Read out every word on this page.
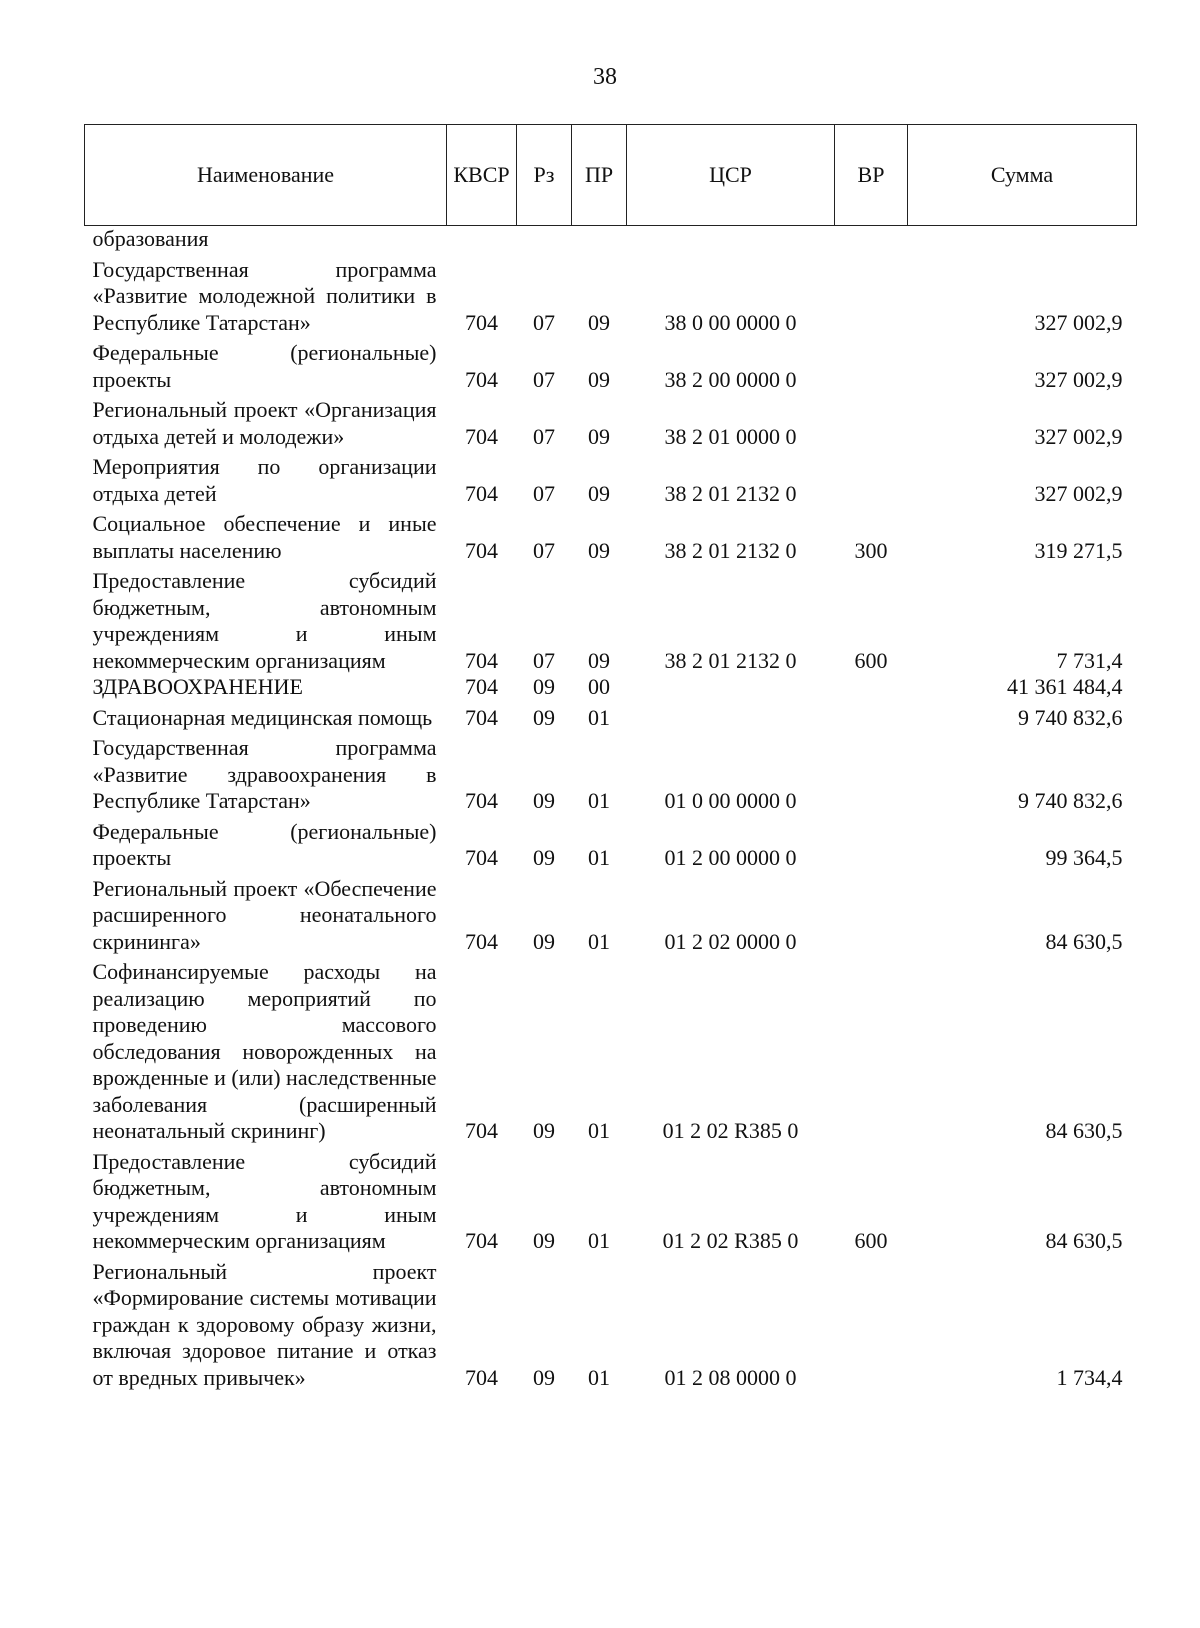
38
Наименование	КВСР	Рз	ПР	ЦСР	ВР	Сумма
образования						
Государственная программа «Развитие молодежной политики в Республике Татарстан»	704	07	09	38 0 00 0000 0		327 002,9
Федеральные (региональные) проекты	704	07	09	38 2 00 0000 0		327 002,9
Региональный проект «Организация отдыха детей и молодежи»	704	07	09	38 2 01 0000 0		327 002,9
Мероприятия по организации отдыха детей	704	07	09	38 2 01 2132 0		327 002,9
Социальное обеспечение и иные выплаты населению	704	07	09	38 2 01 2132 0	300	319 271,5
Предоставление субсидий бюджетным, автономным учреждениям и иным некоммерческим организациям	704	07	09	38 2 01 2132 0	600	7 731,4
ЗДРАВООХРАНЕНИЕ	704	09	00			41 361 484,4
Стационарная медицинская помощь	704	09	01			9 740 832,6
Государственная программа «Развитие здравоохранения в Республике Татарстан»	704	09	01	01 0 00 0000 0		9 740 832,6
Федеральные (региональные) проекты	704	09	01	01 2 00 0000 0		99 364,5
Региональный проект «Обеспечение расширенного неонатального скрининга»	704	09	01	01 2 02 0000 0		84 630,5
Софинансируемые расходы на реализацию мероприятий по проведению массового обследования новорожденных на врожденные и (или) наследственные заболевания (расширенный неонатальный скрининг)	704	09	01	01 2 02 R385 0		84 630,5
Предоставление субсидий бюджетным, автономным учреждениям и иным некоммерческим организациям	704	09	01	01 2 02 R385 0	600	84 630,5
Региональный проект «Формирование системы мотивации граждан к здоровому образу жизни, включая здоровое питание и отказ от вредных привычек»	704	09	01	01 2 08 0000 0		1 734,4
